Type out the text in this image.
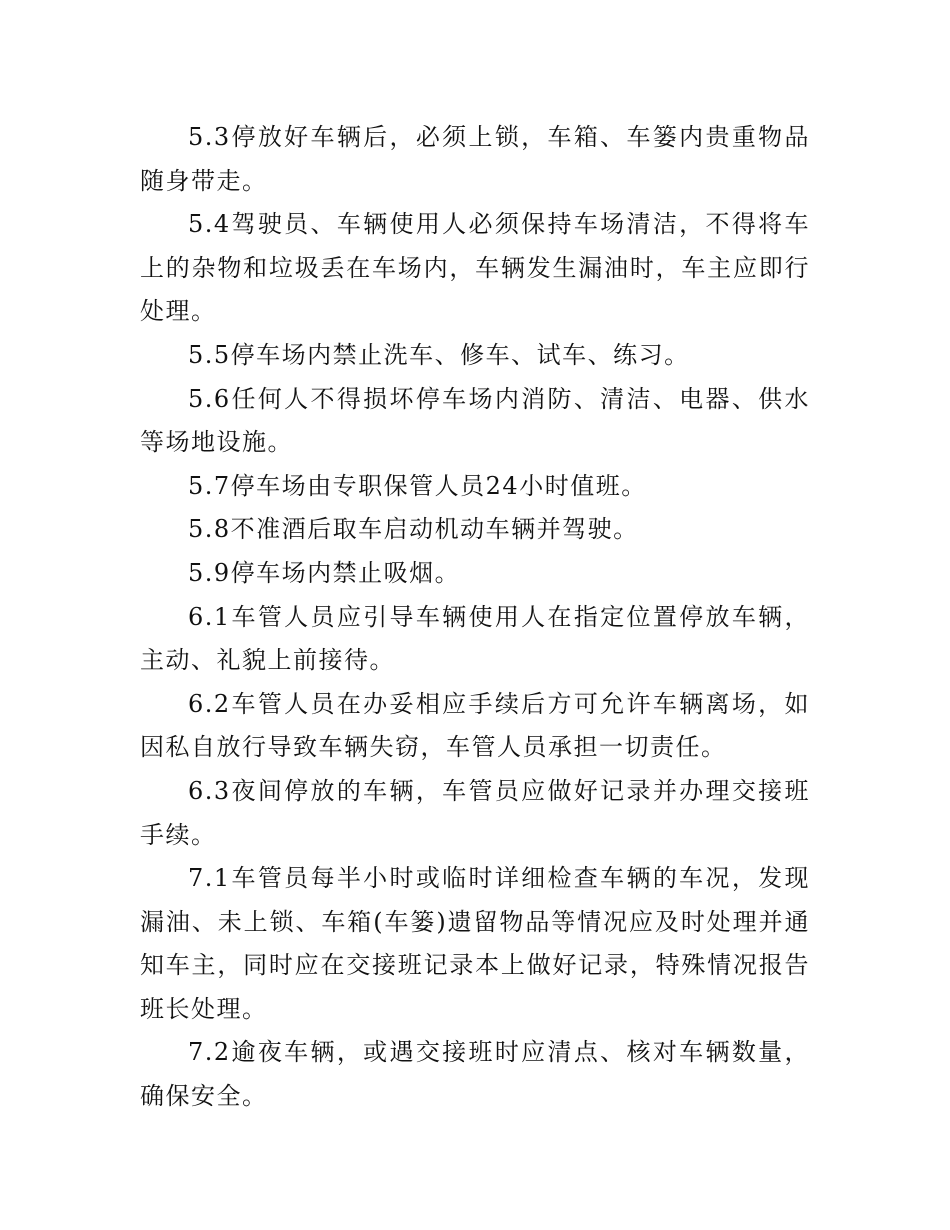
5.3停放好车辆后，必须上锁，车箱、车篓内贵重物品随身带走。

5.4驾驶员、车辆使用人必须保持车场清洁，不得将车上的杂物和垃圾丢在车场内，车辆发生漏油时，车主应即行处理。

5.5停车场内禁止洗车、修车、试车、练习。

5.6任何人不得损坏停车场内消防、清洁、电器、供水等场地设施。

5.7停车场由专职保管人员24小时值班。

5.8不准酒后取车启动机动车辆并驾驶。

5.9停车场内禁止吸烟。

6.1车管人员应引导车辆使用人在指定位置停放车辆，主动、礼貌上前接待。

6.2车管人员在办妥相应手续后方可允许车辆离场，如因私自放行导致车辆失窃，车管人员承担一切责任。

6.3夜间停放的车辆，车管员应做好记录并办理交接班手续。

7.1车管员每半小时或临时详细检查车辆的车况，发现漏油、未上锁、车箱(车篓)遗留物品等情况应及时处理并通知车主，同时应在交接班记录本上做好记录，特殊情况报告班长处理。

7.2逾夜车辆，或遇交接班时应清点、核对车辆数量，确保安全。
